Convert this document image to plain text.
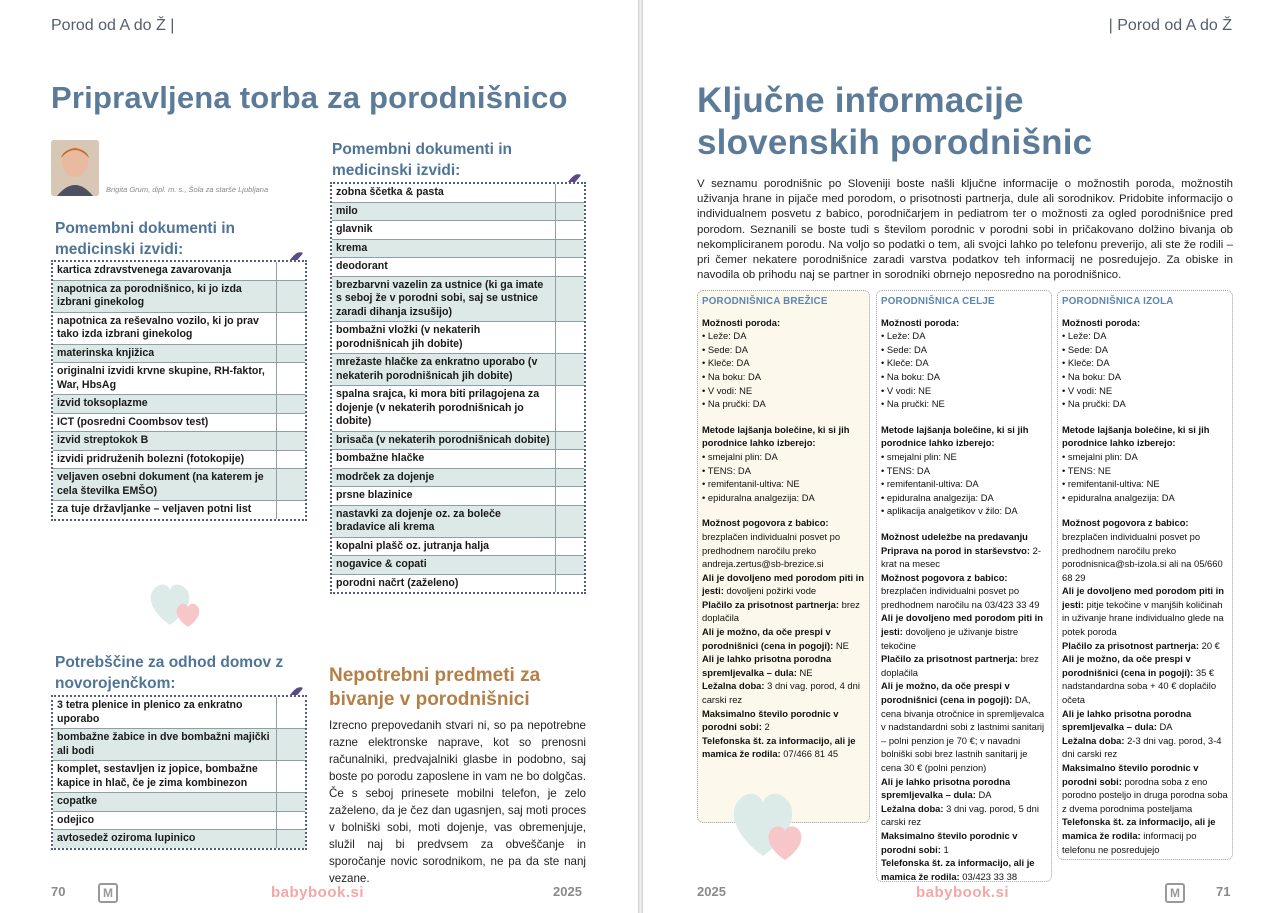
Porod od A do Ž |
Pripravljena torba za porodnišnico
Brigita Grum, dipl. m. s., Šola za starše Ljubljana
Pomembni dokumenti in
medicinski izvidi:
kartica zdravstvenega zavarovanja
napotnica za porodnišnico, ki jo izda izbrani ginekolog
napotnica za reševalno vozilo, ki jo prav tako izda izbrani ginekolog
materinska knjižica
originalni izvidi krvne skupine, RH-faktor, War, HbsAg
izvid toksoplazme
ICT (posredni Coombsov test)
izvid streptokok B
izvidi pridruženih bolezni (fotokopije)
veljaven osebni dokument (na katerem je cela številka EMŠO)
za tuje državljanke – veljaven potni list
Pomembni dokumenti in
medicinski izvidi:
zobna ščetka & pasta
milo
glavnik
krema
deodorant
brezbarvni vazelin za ustnice (ki ga imate s seboj že v porodni sobi, saj se ustnice zaradi dihanja izsušijo)
bombažni vložki (v nekaterih porodnišnicah jih dobite)
mrežaste hlačke za enkratno uporabo (v nekaterih porodnišnicah jih dobite)
spalna srajca, ki mora biti prilagojena za dojenje (v nekaterih porodnišnicah jo dobite)
brisača (v nekaterih porodnišnicah dobite)
bombažne hlačke
modrček za dojenje
prsne blazinice
nastavki za dojenje oz. za boleče bradavice ali krema
kopalni plašč oz. jutranja halja
nogavice & copati
porodni načrt (zaželeno)
Potrebščine za odhod domov z
novorojenčkom:
3 tetra plenice in plenico za enkratno uporabo
bombažne žabice in dve bombažni majički ali bodi
komplet, sestavljen iz jopice, bombažne kapice in hlač, če je zima kombinezon
copatke
odejico
avtosedež oziroma lupinico
Nepotrebni predmeti za
bivanje v porodnišnici
Izrecno prepovedanih stvari ni, so pa nepotrebne razne elektronske naprave, kot so prenosni računalniki, predvajalniki glasbe in podobno, saj boste po porodu zaposlene in vam ne bo dolgčas. Če s seboj prinesete mobilni telefon, je zelo zaželeno, da je čez dan ugasnjen, saj moti proces v bolniški sobi, moti dojenje, vas obremenjuje, služil naj bi predvsem za obveščanje in sporočanje novic sorodnikom, ne pa da ste nanj vezane.
70	M	babybook.si	2025
| Porod od A do Ž
Ključne informacije
slovenskih porodnišnic
V seznamu porodnišnic po Sloveniji boste našli ključne informacije o možnostih poroda, možnostih uživanja hrane in pijače med porodom, o prisotnosti partnerja, dule ali sorodnikov. Pridobite informacijo o individualnem posvetu z babico, porodničarjem in pediatrom ter o možnosti za ogled porodnišnice pred porodom. Seznanili se boste tudi s številom porodnic v porodni sobi in pričakovano dolžino bivanja ob nekompliciranem porodu. Na voljo so podatki o tem, ali svojci lahko po telefonu preverijo, ali ste že rodili – pri čemer nekatere porodnišnice zaradi varstva podatkov teh informacij ne posredujejo. Za obiske in navodila ob prihodu naj se partner in sorodniki obrnejo neposredno na porodnišnico.
PORODNIŠNICA BREŽICE
Možnosti poroda:
• Leže: DA
• Sede: DA
• Kleče: DA
• Na boku: DA
• V vodi: NE
• Na pručki: DA
Metode lajšanja bolečine, ki si jih porodnice lahko izberejo:
• smejalni plin: DA
• TENS: DA
• remifentanil-ultiva: NE
• epiduralna analgezija: DA
Možnost pogovora z babico: brezplačen individualni posvet po predhodnem naročilu preko andreja.zertus@sb-brezice.si
Ali je dovoljeno med porodom piti in jesti: dovoljeni požirki vode
Plačilo za prisotnost partnerja: brez doplačila
Ali je možno, da oče prespi v porodnišnici (cena in pogoji): NE
Ali je lahko prisotna porodna spremljevalka – dula: NE
Ležalna doba: 3 dni vag. porod, 4 dni carski rez
Maksimalno število porodnic v porodni sobi: 2
Telefonska št. za informacijo, ali je mamica že rodila: 07/466 81 45
PORODNIŠNICA CELJE
Možnosti poroda:
• Leže: DA
• Sede: DA
• Kleče: DA
• Na boku: DA
• V vodi: NE
• Na pručki: NE
Metode lajšanja bolečine, ki si jih porodnice lahko izberejo:
• smejalni plin: NE
• TENS: DA
• remifentanil-ultiva: DA
• epiduralna analgezija: DA
• aplikacija analgetikov v žilo: DA
Možnost udeležbe na predavanju
Priprava na porod in starševstvo: 2-krat na mesec
Možnost pogovora z babico: brezplačen individualni posvet po predhodnem naročilu na 03/423 33 49
Ali je dovoljeno med porodom piti in jesti: dovoljeno je uživanje bistre tekočine
Plačilo za prisotnost partnerja: brez doplačila
Ali je možno, da oče prespi v porodnišnici (cena in pogoji): DA, cena bivanja otročnice in spremljevalca v nadstandardni sobi z lastnimi sanitarij – polni penzion je 70 €; v navadni bolniški sobi brez lastnih sanitarij je cena 30 € (polni penzion)
Ali je lahko prisotna porodna spremljevalka – dula: DA
Ležalna doba: 3 dni vag. porod, 5 dni carski rez
Maksimalno število porodnic v porodni sobi: 1
Telefonska št. za informacijo, ali je mamica že rodila: 03/423 33 38
PORODNIŠNICA IZOLA
Možnosti poroda:
• Leže: DA
• Sede: DA
• Kleče: DA
• Na boku: DA
• V vodi: NE
• Na pručki: DA
Metode lajšanja bolečine, ki si jih porodnice lahko izberejo:
• smejalni plin: DA
• TENS: NE
• remifentanil-ultiva: NE
• epiduralna analgezija: DA
Možnost pogovora z babico: brezplačen individualni posvet po predhodnem naročilu preko porodnisnica@sb-izola.si ali na 05/660 68 29
Ali je dovoljeno med porodom piti in jesti: pitje tekočine v manjših količinah in uživanje hrane individualno glede na potek poroda
Plačilo za prisotnost partnerja: 20 €
Ali je možno, da oče prespi v porodnišnici (cena in pogoji): 35 € nadstandardna soba + 40 € doplačilo očeta
Ali je lahko prisotna porodna spremljevalka – dula: DA
Ležalna doba: 2-3 dni vag. porod, 3-4 dni carski rez
Maksimalno število porodnic v porodni sobi: porodna soba z eno porodno posteljo in druga porodna soba z dvema porodnima posteljama
Telefonska št. za informacijo, ali je mamica že rodila: informacij po telefonu ne posredujejo
2025	babybook.si	M	71
